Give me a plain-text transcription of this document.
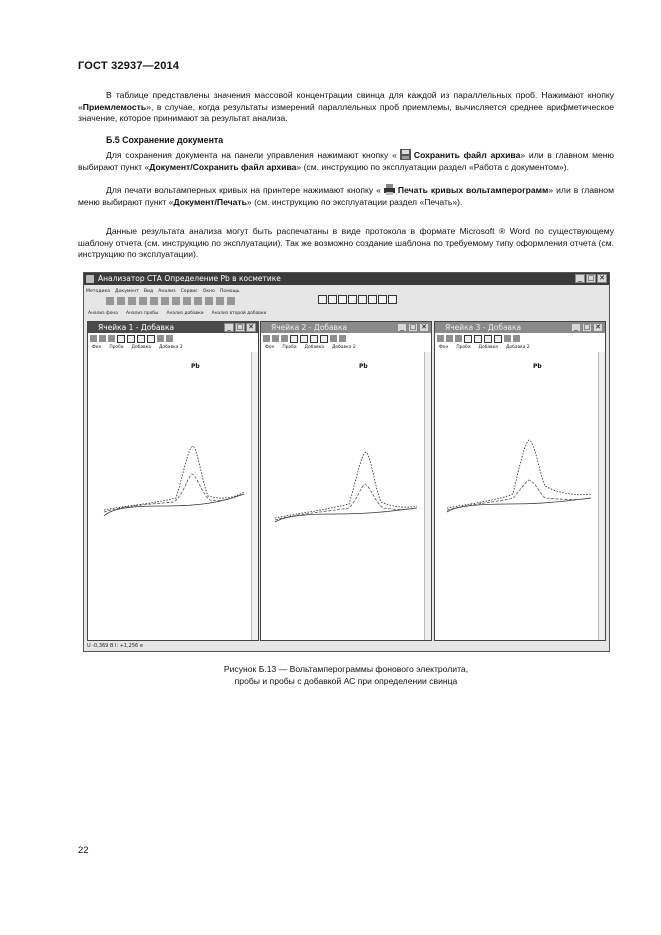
ГОСТ 32937—2014

В таблице представлены значения массовой концентрации свинца для каждой из параллельных проб. Нажимают кнопку «Приемлемость», в случае, когда результаты измерений параллельных проб приемлемы, вычисляется среднее арифметическое значение, которое принимают за результат анализа.

Б.5 Сохранение документа

Для сохранения документа на панели управления нажимают кнопку « Сохранить файл архива» или в главном меню выбирают пункт «Документ/Сохранить файл архива» (см. инструкцию по эксплуатации раздел «Работа с документом»).

Для печати вольтамперных кривых на принтере нажимают кнопку « Печать кривых вольтамперограмм» или в главном меню выбирают пункт «Документ/Печать» (см. инструкцию по эксплуатации раздел «Печать»).

Данные результата анализа могут быть распечатаны в виде протокола в формате Microsoft ® Word по существующему шаблону отчета (см. инструкцию по эксплуатации). Так же возможно создание шаблона по требуемому типу оформления отчета (см. инструкцию по эксплуатации).

Анализатор СТА Определение Pb в косметике	_ □ ✕
Методика Документ Вид Анализ Сервис Окно Помощь
Анализ фона Анализ пробы Анализ добавки Анализ второй добавки
Ячейка 1 - Добавка	_ □ ✕
Фон Проба Добавка Добавка 2
Pb
Ячейка 2 - Добавка	_ □ ✕
Фон Проба Добавка Добавка 2
Pb
Ячейка 3 - Добавка	_ □ ✕
Фон Проба Добавка Добавка 2
Pb
U -0,369 В I: +1,256 e
Рисунок Б.13 — Вольтамперограммы фонового электролита,
пробы и пробы с добавкой АС при определении свинца
22
